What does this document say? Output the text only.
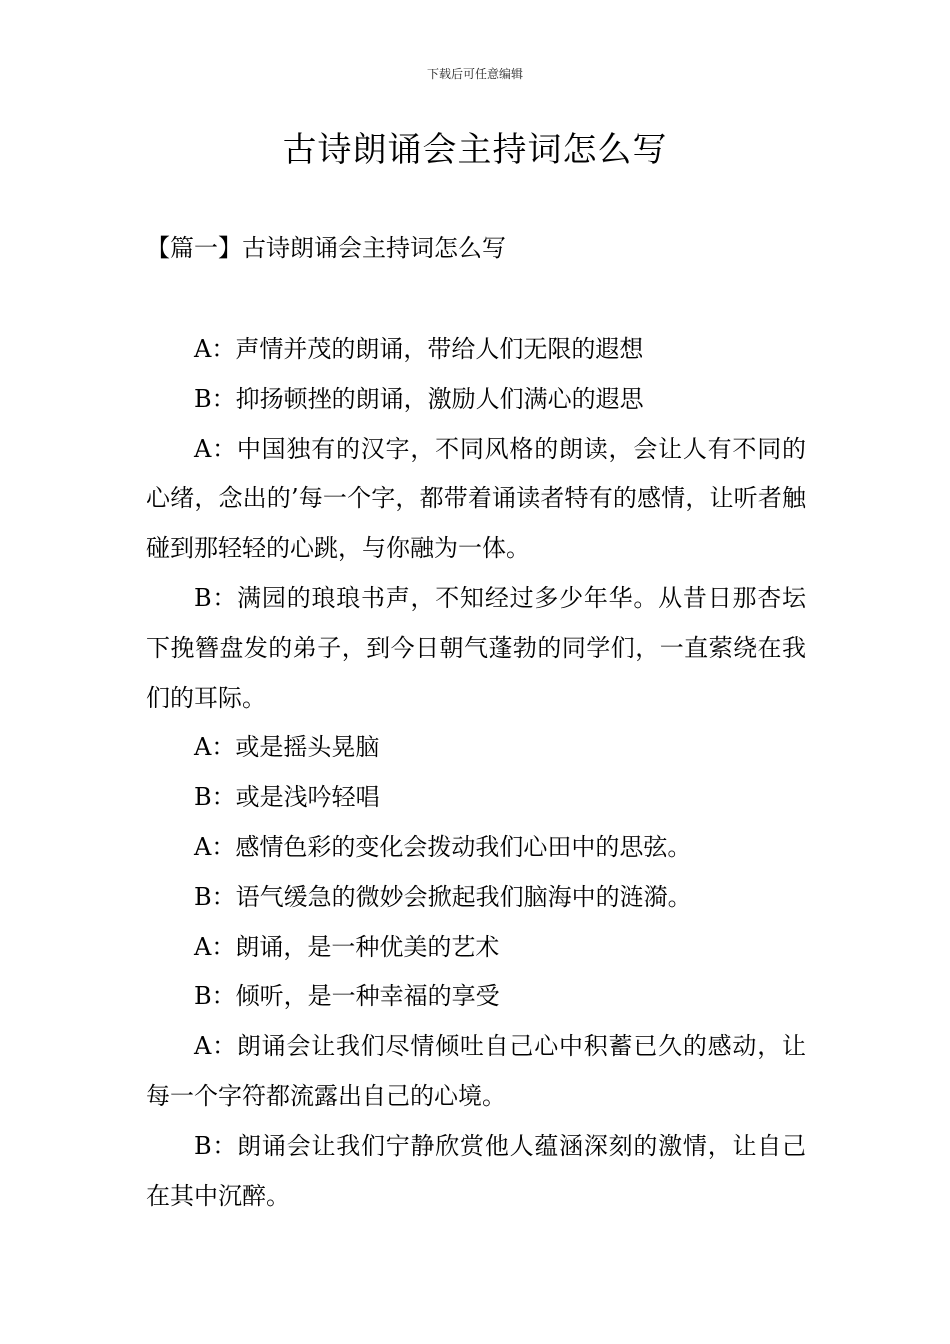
下载后可任意编辑
古诗朗诵会主持词怎么写
【篇一】古诗朗诵会主持词怎么写

A：声情并茂的朗诵，带给人们无限的遐想

B：抑扬顿挫的朗诵，激励人们满心的遐思

A：中国独有的汉字，不同风格的朗读，会让人有不同的心绪，念出的’每一个字，都带着诵读者特有的感情，让听者触碰到那轻轻的心跳，与你融为一体。

B：满园的琅琅书声，不知经过多少年华。从昔日那杏坛下挽簪盘发的弟子，到今日朝气蓬勃的同学们，一直萦绕在我们的耳际。

A：或是摇头晃脑

B：或是浅吟轻唱

A：感情色彩的变化会拨动我们心田中的思弦。

B：语气缓急的微妙会掀起我们脑海中的涟漪。

A：朗诵，是一种优美的艺术

B：倾听，是一种幸福的享受

A：朗诵会让我们尽情倾吐自己心中积蓄已久的感动，让每一个字符都流露出自己的心境。

B：朗诵会让我们宁静欣赏他人蕴涵深刻的激情，让自己在其中沉醉。
